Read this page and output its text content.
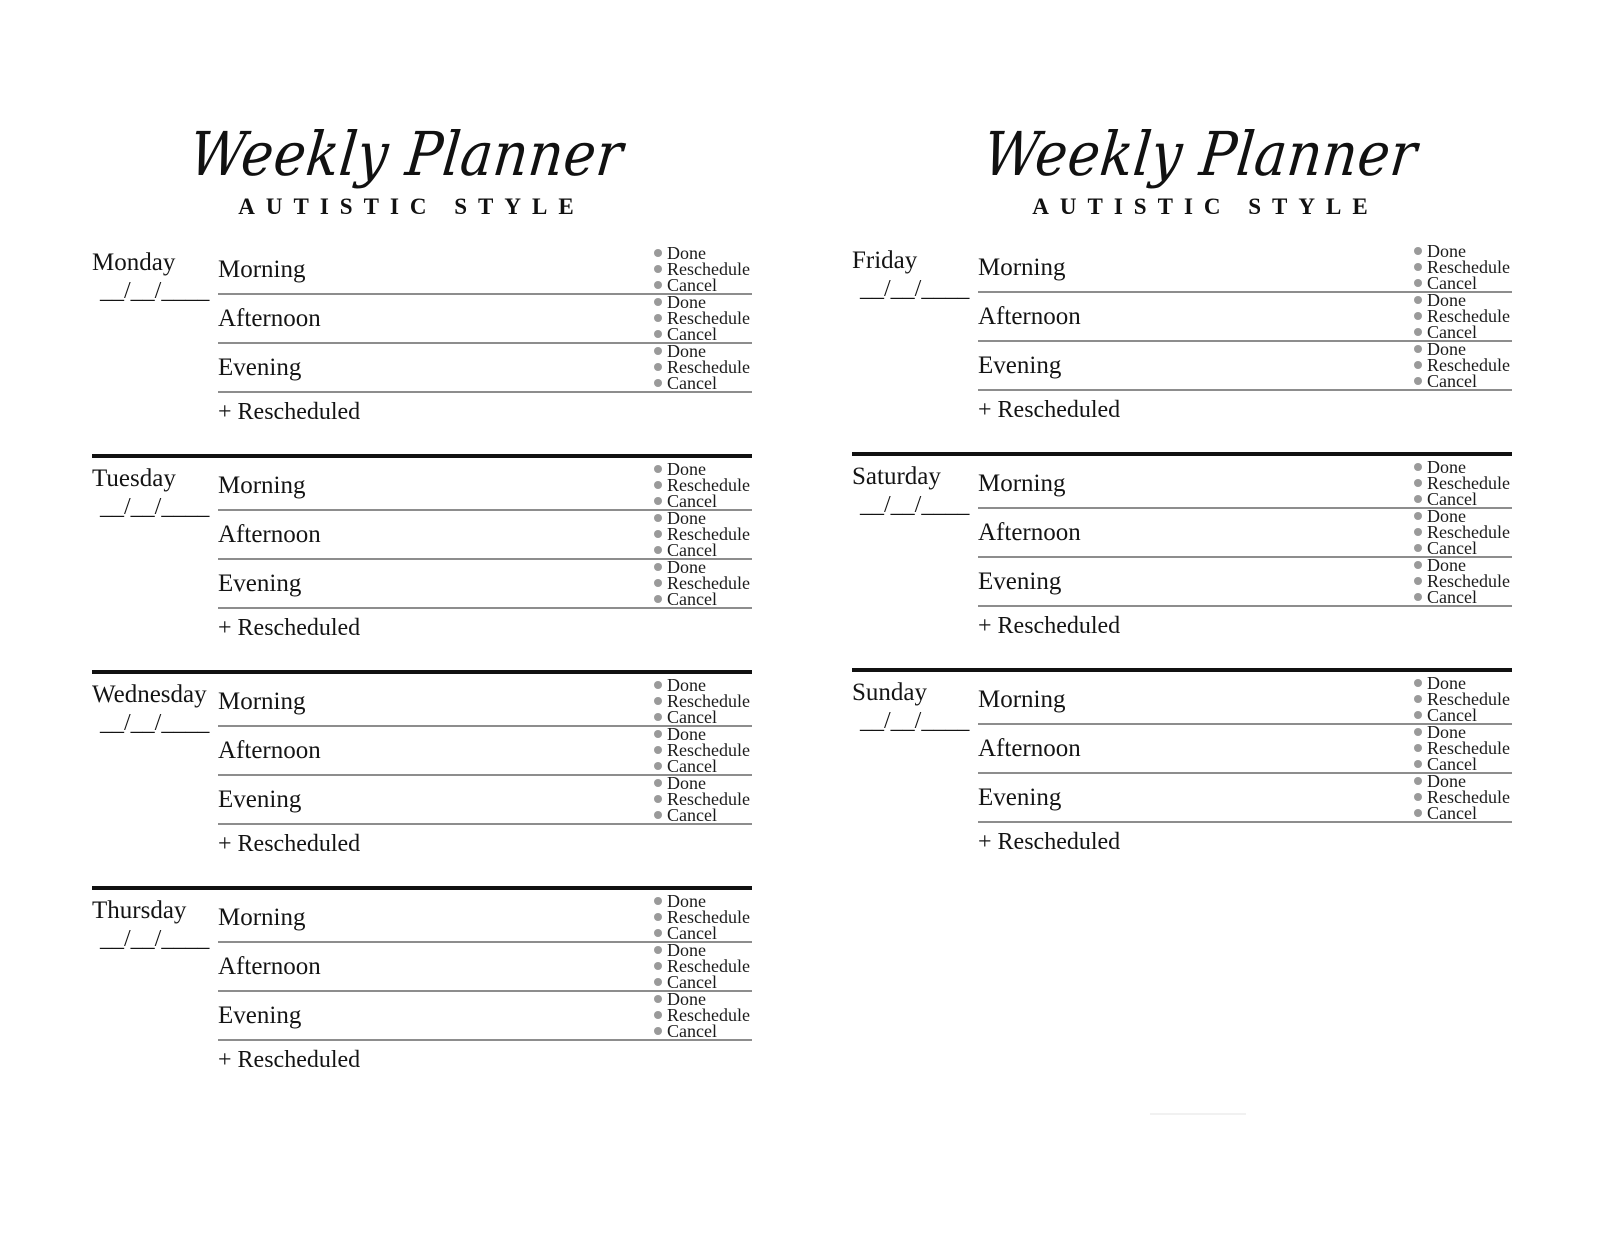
Weekly Planner
AUTISTIC STYLE
Monday
__/__/____
Morning
Done
Reschedule
Cancel
Afternoon
Done
Reschedule
Cancel
Evening
Done
Reschedule
Cancel
+ Rescheduled
Tuesday
__/__/____
Morning
Done
Reschedule
Cancel
Afternoon
Done
Reschedule
Cancel
Evening
Done
Reschedule
Cancel
+ Rescheduled
Wednesday
__/__/____
Morning
Done
Reschedule
Cancel
Afternoon
Done
Reschedule
Cancel
Evening
Done
Reschedule
Cancel
+ Rescheduled
Thursday
__/__/____
Morning
Done
Reschedule
Cancel
Afternoon
Done
Reschedule
Cancel
Evening
Done
Reschedule
Cancel
+ Rescheduled
Weekly Planner
AUTISTIC STYLE
Friday
__/__/____
Morning
Done
Reschedule
Cancel
Afternoon
Done
Reschedule
Cancel
Evening
Done
Reschedule
Cancel
+ Rescheduled
Saturday
__/__/____
Morning
Done
Reschedule
Cancel
Afternoon
Done
Reschedule
Cancel
Evening
Done
Reschedule
Cancel
+ Rescheduled
Sunday
__/__/____
Morning
Done
Reschedule
Cancel
Afternoon
Done
Reschedule
Cancel
Evening
Done
Reschedule
Cancel
+ Rescheduled
